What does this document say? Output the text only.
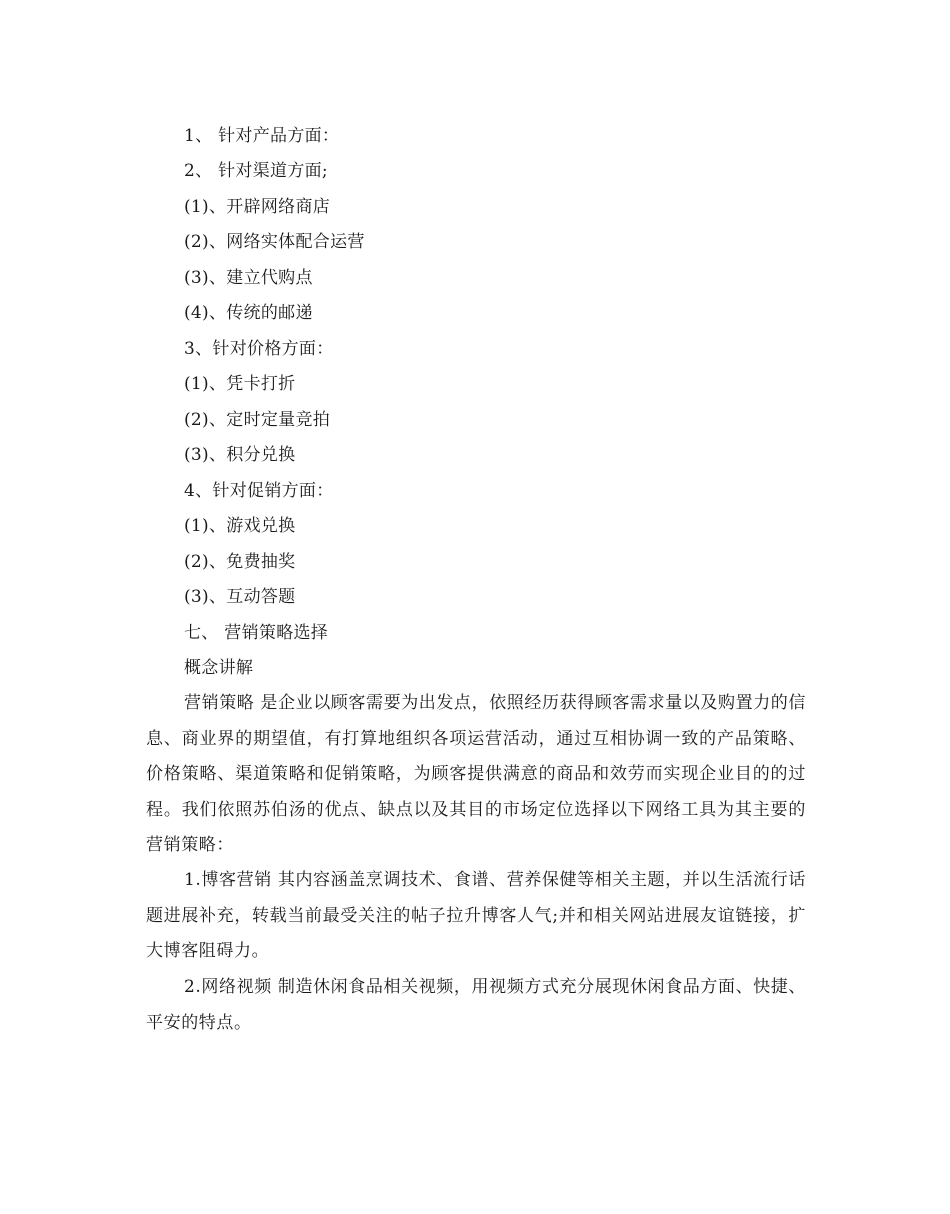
1、 针对产品方面：
2、 针对渠道方面;
(1)、开辟网络商店
(2)、网络实体配合运营
(3)、建立代购点
(4)、传统的邮递
3、针对价格方面：
(1)、凭卡打折
(2)、定时定量竞拍
(3)、积分兑换
4、针对促销方面：
(1)、游戏兑换
(2)、免费抽奖
(3)、互动答题
七、 营销策略选择
概念讲解
营销策略 是企业以顾客需要为出发点，依照经历获得顾客需求量以及购置力的信息、商业界的期望值，有打算地组织各项运营活动，通过互相协调一致的产品策略、价格策略、渠道策略和促销策略，为顾客提供满意的商品和效劳而实现企业目的的过程。我们依照苏伯汤的优点、缺点以及其目的市场定位选择以下网络工具为其主要的营销策略：
1.博客营销 其内容涵盖烹调技术、食谱、营养保健等相关主题，并以生活流行话题进展补充，转载当前最受关注的帖子拉升博客人气;并和相关网站进展友谊链接，扩大博客阻碍力。
2.网络视频 制造休闲食品相关视频，用视频方式充分展现休闲食品方面、快捷、平安的特点。
